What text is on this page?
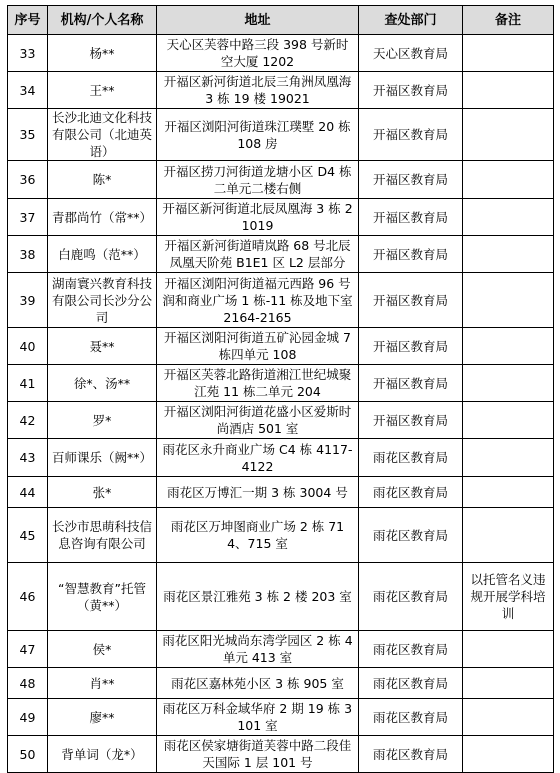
序号	机构/个人名称	地址	查处部门	备注
33	杨**	天心区芙蓉中路三段 398 号新时空大厦 1202	天心区教育局	
34	王**	开福区新河街道北辰三角洲凤凰海 3 栋 19 楼 19021	开福区教育局	
35	长沙北迪文化科技有限公司（北迪英语）	开福区浏阳河街道珠江璞墅 20 栋 108 房	开福区教育局	
36	陈*	开福区捞刀河街道龙塘小区 D4 栋二单元二楼右侧	开福区教育局	
37	青郡尚竹（常**）	开福区新河街道北辰凤凰海 3 栋 21019	开福区教育局	
38	白鹿鸣（范**）	开福区新河街道晴岚路 68 号北辰凤凰天阶苑 B1E1 区 L2 层部分	开福区教育局	
39	湖南寰兴教育科技有限公司长沙分公司	开福区浏阳河街道福元西路 96 号润和商业广场 1 栋-11 栋及地下室 2164-2165	开福区教育局	
40	聂**	开福区浏阳河街道五矿沁园金城 7 栋四单元 108	开福区教育局	
41	徐*、汤**	开福区芙蓉北路街道湘江世纪城聚江苑 11 栋二单元 204	开福区教育局	
42	罗*	开福区浏阳河街道花盛小区爱斯时尚酒店 501 室	开福区教育局	
43	百师课乐（阙**）	雨花区永升商业广场 C4 栋 4117-4122	雨花区教育局	
44	张*	雨花区万博汇一期 3 栋 3004 号	雨花区教育局	
45	长沙市思萌科技信息咨询有限公司	雨花区万坤图商业广场 2 栋 714、715 室	雨花区教育局	
46	“智慧教育”托管（黄**）	雨花区景江雅苑 3 栋 2 楼 203 室	雨花区教育局	以托管名义违规开展学科培训
47	侯*	雨花区阳光城尚东湾学园区 2 栋 4 单元 413 室	雨花区教育局	
48	肖**	雨花区嘉林苑小区 3 栋 905 室	雨花区教育局	
49	廖**	雨花区万科金域华府 2 期 19 栋 3101 室	雨花区教育局	
50	背单词（龙*）	雨花区侯家塘街道芙蓉中路二段佳天国际 1 层 101 号	雨花区教育局	
